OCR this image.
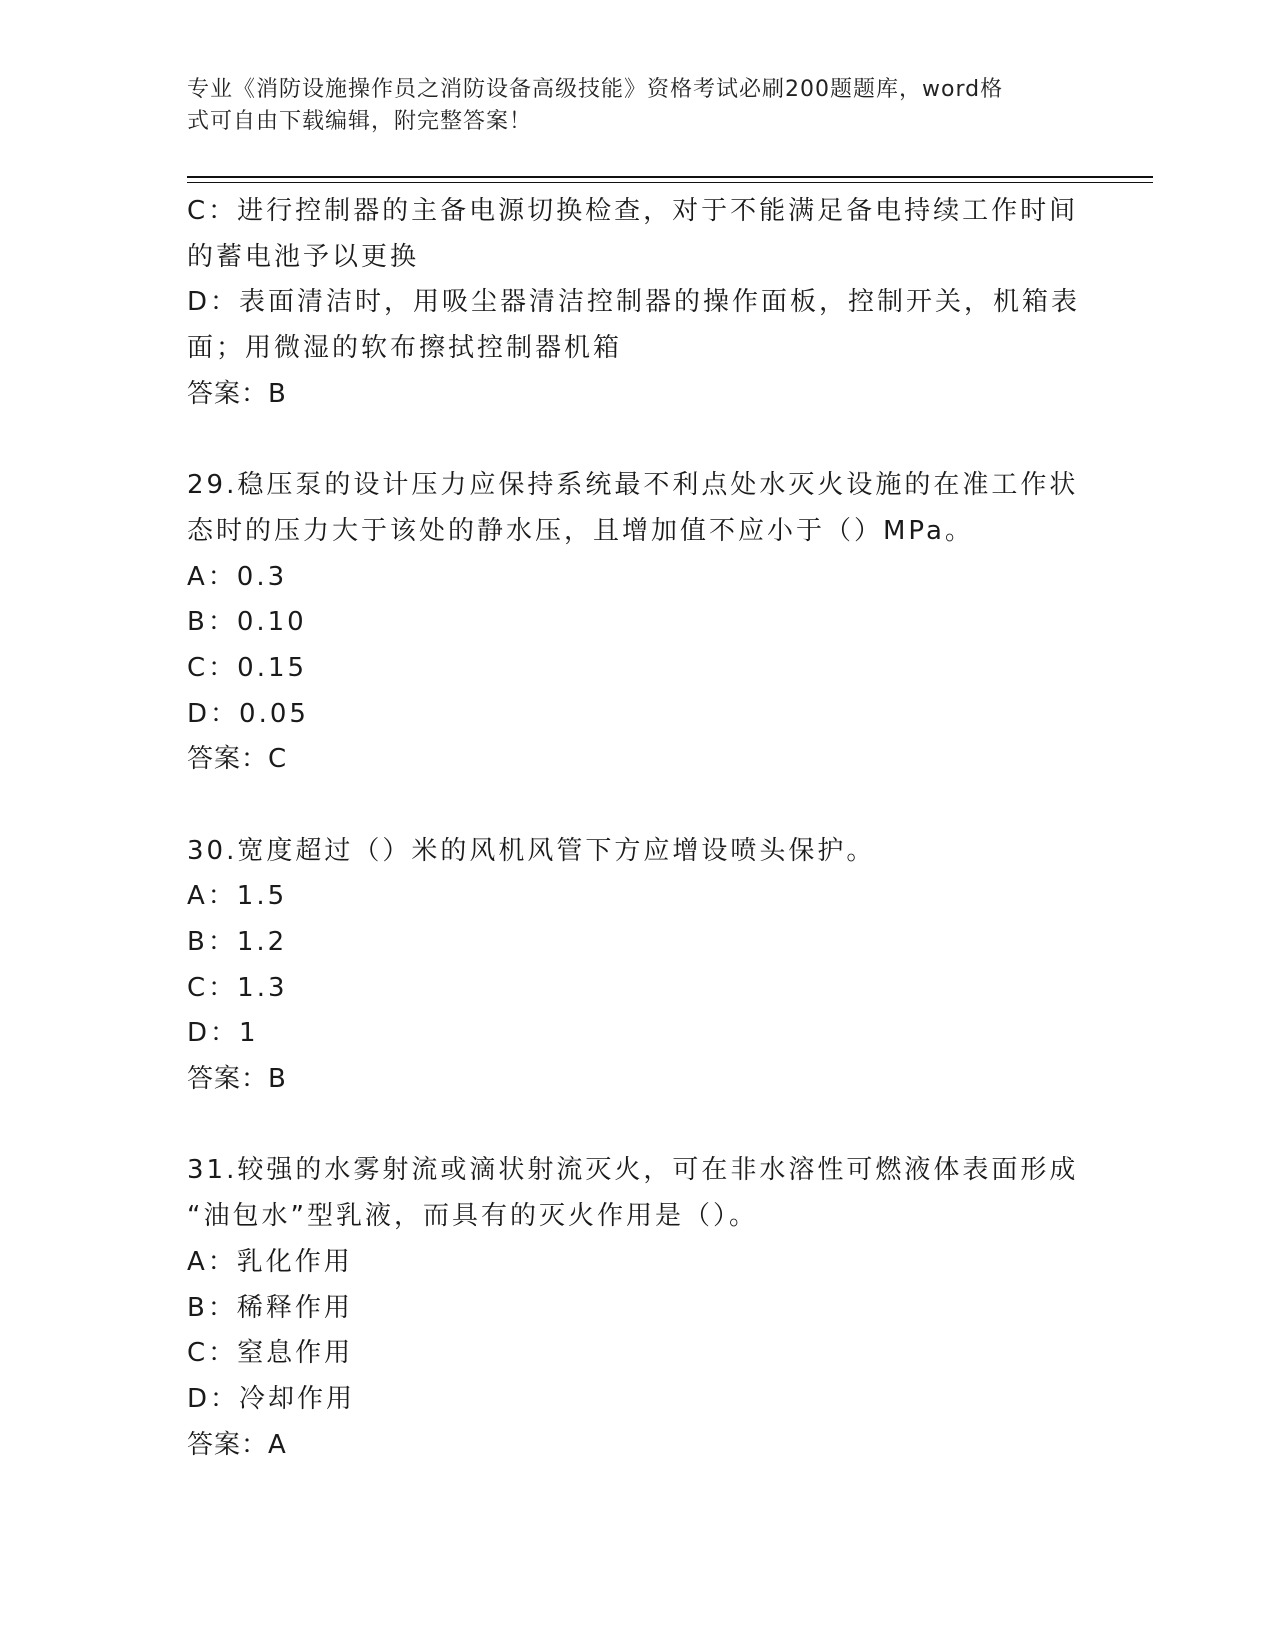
专业《消防设施操作员之消防设备高级技能》资格考试必刷200题题库，word格
式可自由下载编辑，附完整答案！
C：进行控制器的主备电源切换检查，对于不能满足备电持续工作时间
的蓄电池予以更换
D：表面清洁时，用吸尘器清洁控制器的操作面板，控制开关，机箱表
面；用微湿的软布擦拭控制器机箱
答案：B
29.稳压泵的设计压力应保持系统最不利点处水灭火设施的在准工作状
态时的压力大于该处的静水压，且增加值不应小于（）MPa。
A：0.3
B：0.10
C：0.15
D：0.05
答案：C
30.宽度超过（）米的风机风管下方应增设喷头保护。
A：1.5
B：1.2
C：1.3
D：1
答案：B
31.较强的水雾射流或滴状射流灭火，可在非水溶性可燃液体表面形成
“油包水”型乳液，而具有的灭火作用是（）。
A：乳化作用
B：稀释作用
C：窒息作用
D：冷却作用
答案：A
